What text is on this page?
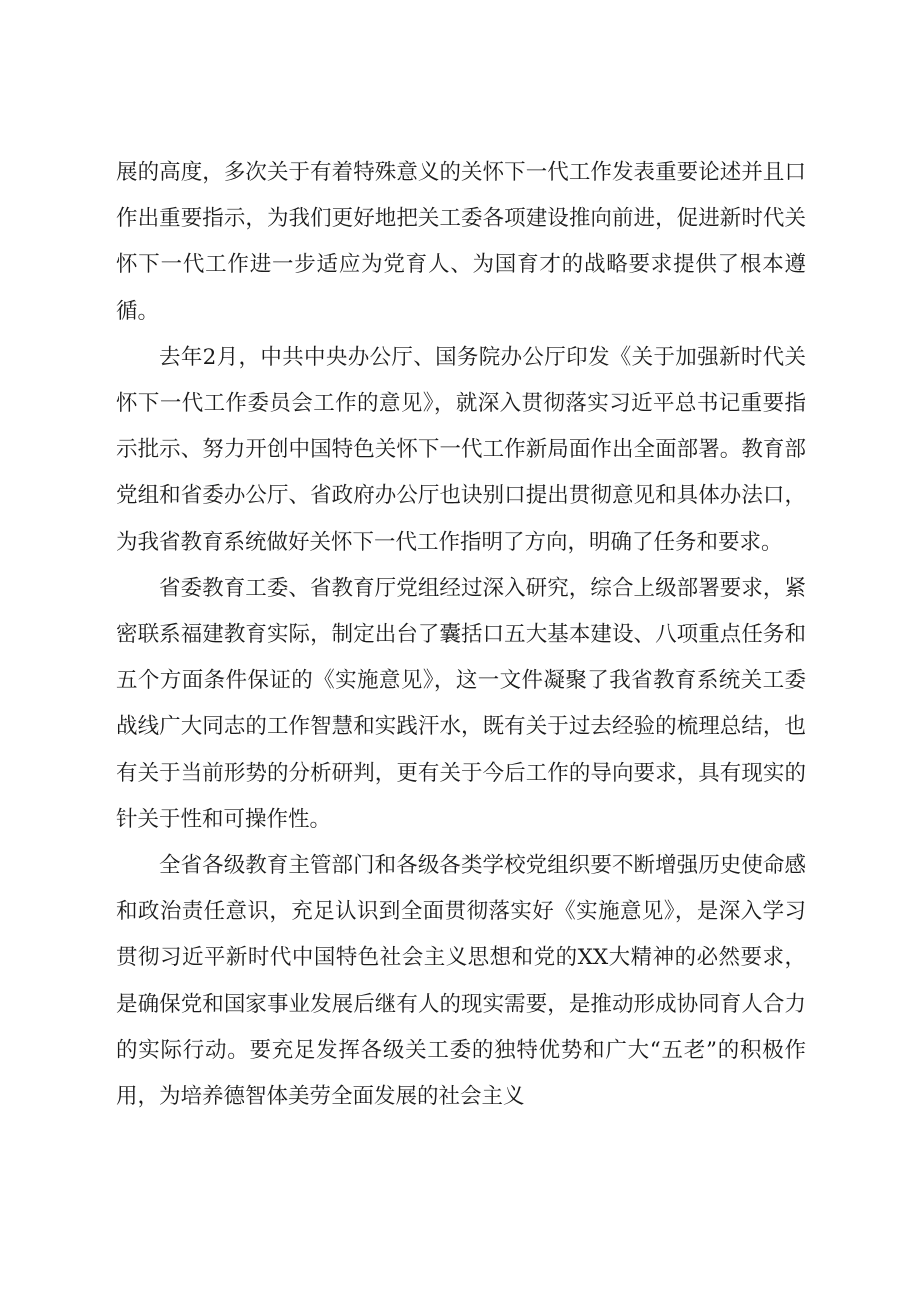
展的高度，多次关于有着特殊意义的关怀下一代工作发表重要论述并且口作出重要指示，为我们更好地把关工委各项建设推向前进，促进新时代关怀下一代工作进一步适应为党育人、为国育才的战略要求提供了根本遵循。

去年2月，中共中央办公厅、国务院办公厅印发《关于加强新时代关怀下一代工作委员会工作的意见》，就深入贯彻落实习近平总书记重要指示批示、努力开创中国特色关怀下一代工作新局面作出全面部署。教育部党组和省委办公厅、省政府办公厅也诀别口提出贯彻意见和具体办法口，为我省教育系统做好关怀下一代工作指明了方向，明确了任务和要求。

省委教育工委、省教育厅党组经过深入研究，综合上级部署要求，紧密联系福建教育实际，制定出台了囊括口五大基本建设、八项重点任务和五个方面条件保证的《实施意见》，这一文件凝聚了我省教育系统关工委战线广大同志的工作智慧和实践汗水，既有关于过去经验的梳理总结，也有关于当前形势的分析研判，更有关于今后工作的导向要求，具有现实的针关于性和可操作性。

全省各级教育主管部门和各级各类学校党组织要不断增强历史使命感和政治责任意识，充足认识到全面贯彻落实好《实施意见》，是深入学习贯彻习近平新时代中国特色社会主义思想和党的XX大精神的必然要求，是确保党和国家事业发展后继有人的现实需要，是推动形成协同育人合力的实际行动。要充足发挥各级关工委的独特优势和广大“五老”的积极作用，为培养德智体美劳全面发展的社会主义
